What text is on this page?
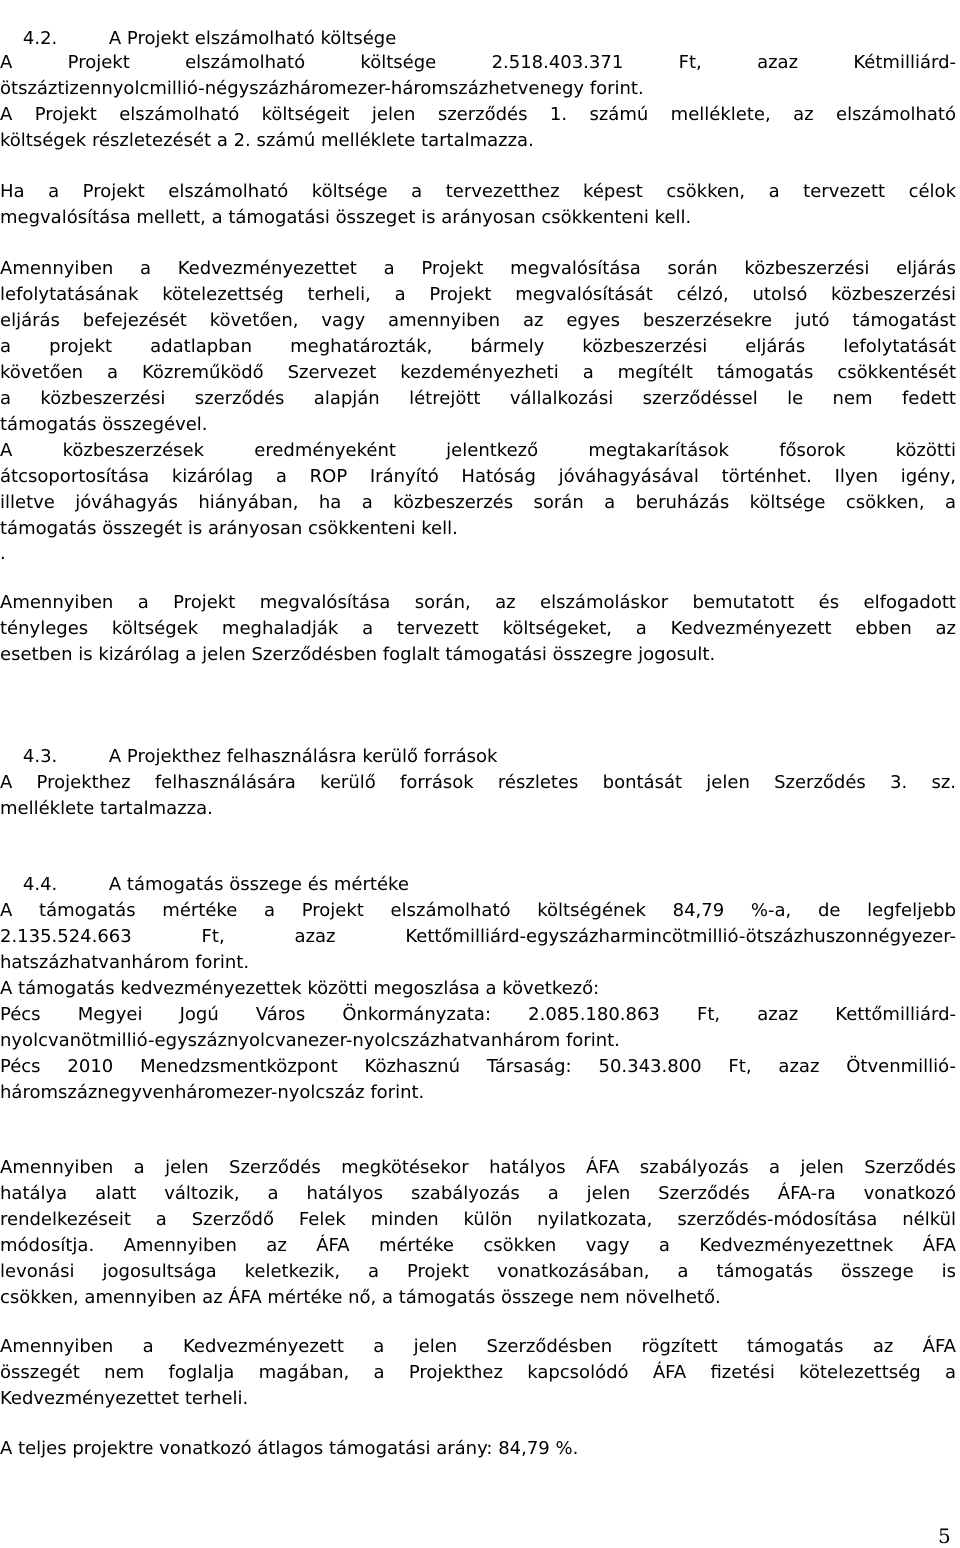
4.2.	A Projekt elszámolható költsége

A Projekt elszámolható költsége 2.518.403.371 Ft, azaz Kétmilliárd-
ötszáztizennyolcmillió-négyszázháromezer-háromszázhetvenegy forint.
A Projekt elszámolható költségeit jelen szerződés 1. számú melléklete, az elszámolható
költségek részletezését a 2. számú melléklete tartalmazza.
Ha a Projekt elszámolható költsége a tervezetthez képest csökken, a tervezett célok
megvalósítása mellett, a támogatási összeget is arányosan csökkenteni kell.
Amennyiben a Kedvezményezettet a Projekt megvalósítása során közbeszerzési eljárás
lefolytatásának kötelezettség terheli, a Projekt megvalósítását célzó, utolsó közbeszerzési
eljárás befejezését követően, vagy amennyiben az egyes beszerzésekre jutó támogatást
a projekt adatlapban meghatározták, bármely közbeszerzési eljárás lefolytatását
követően a Közreműködő Szervezet kezdeményezheti a megítélt támogatás csökkentését
a közbeszerzési szerződés alapján létrejött vállalkozási szerződéssel le nem fedett
támogatás összegével.
A közbeszerzések eredményeként jelentkező megtakarítások fősorok közötti
átcsoportosítása kizárólag a ROP Irányító Hatóság jóváhagyásával történhet. Ilyen igény,
illetve jóváhagyás hiányában, ha a közbeszerzés során a beruházás költsége csökken, a
támogatás összegét is arányosan csökkenteni kell.
.
Amennyiben a Projekt megvalósítása során, az elszámoláskor bemutatott és elfogadott
tényleges költségek meghaladják a tervezett költségeket, a Kedvezményezett ebben az
esetben is kizárólag a jelen Szerződésben foglalt támogatási összegre jogosult.

4.3.	A Projekthez felhasználásra kerülő források

A Projekthez felhasználására kerülő források részletes bontását jelen Szerződés 3. sz.
melléklete tartalmazza.

4.4.	A támogatás összege és mértéke

A támogatás mértéke a Projekt elszámolható költségének 84,79 %-a, de legfeljebb
2.135.524.663 Ft, azaz Kettőmilliárd-egyszázharmincötmillió-ötszázhuszonnégyezer-
hatszázhatvanhárom forint.
A támogatás kedvezményezettek közötti megoszlása a következő:
Pécs Megyei Jogú Város Önkormányzata: 2.085.180.863 Ft, azaz Kettőmilliárd-
nyolcvanötmillió-egyszáznyolcvanezer-nyolcszázhatvanhárom forint.
Pécs 2010 Menedzsmentközpont Közhasznú Társaság: 50.343.800 Ft, azaz Ötvenmillió-
háromszáznegyvenháromezer-nyolcszáz forint.
Amennyiben a jelen Szerződés megkötésekor hatályos ÁFA szabályozás a jelen Szerződés
hatálya alatt változik, a hatályos szabályozás a jelen Szerződés ÁFA-ra vonatkozó
rendelkezéseit a Szerződő Felek minden külön nyilatkozata, szerződés-módosítása nélkül
módosítja. Amennyiben az ÁFA mértéke csökken vagy a Kedvezményezettnek ÁFA
levonási jogosultsága keletkezik, a Projekt vonatkozásában, a támogatás összege is
csökken, amennyiben az ÁFA mértéke nő, a támogatás összege nem növelhető.
Amennyiben a Kedvezményezett a jelen Szerződésben rögzített támogatás az ÁFA
összegét nem foglalja magában, a Projekthez kapcsolódó ÁFA fizetési kötelezettség a
Kedvezményezettet terheli.
A teljes projektre vonatkozó átlagos támogatási arány: 84,79 %.
5
